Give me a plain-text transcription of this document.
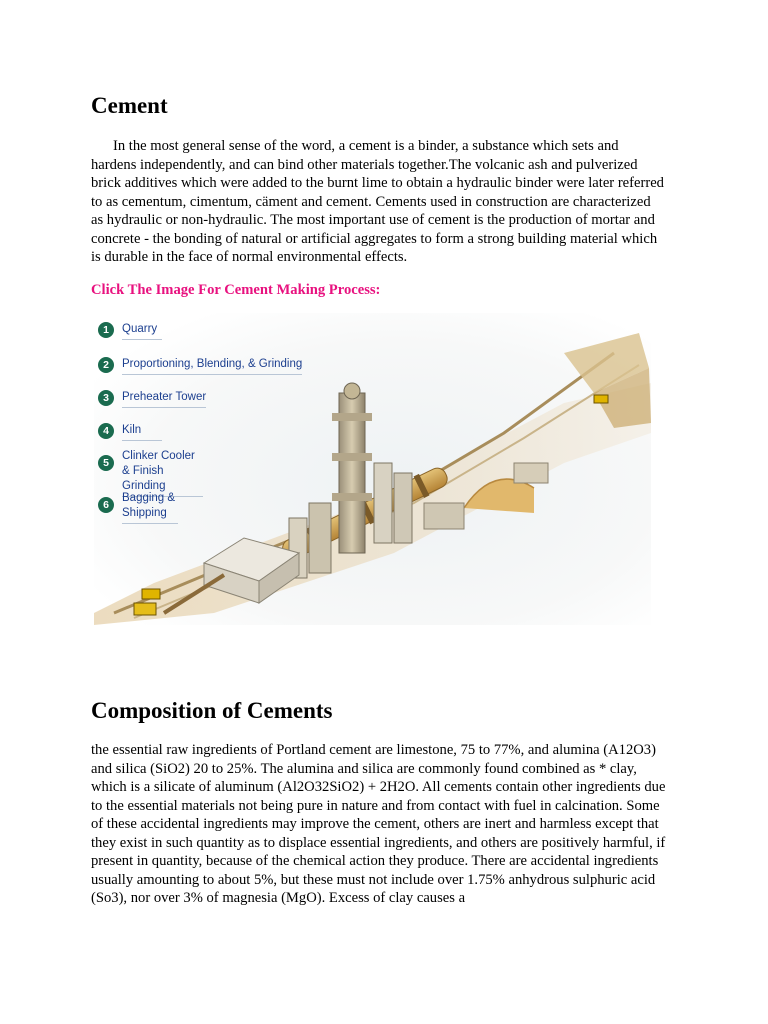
Cement

In the most general sense of the word, a cement is a binder, a substance which sets and hardens independently, and can bind other materials together.The volcanic ash and pulverized brick additives which were added to the burnt lime to obtain a hydraulic binder were later referred to as cementum, cimentum, cäment and cement. Cements used in construction are characterized as hydraulic or non-hydraulic. The most important use of cement is the production of mortar and concrete - the bonding of natural or artificial aggregates to form a strong building material which is durable in the face of normal environmental effects.

Click The Image For Cement Making Process:
1	Quarry
2	Proportioning, Blending, & Grinding
3	Preheater Tower
4	Kiln
5
Clinker Cooler & Finish Grinding
6
Bagging & Shipping
Composition of Cements

the essential raw ingredients of Portland cement are limestone, 75 to 77%, and alumina (A12O3) and silica (SiO2) 20 to 25%. The alumina and silica are commonly found combined as * clay, which is a silicate of aluminum (Al2O32SiO2) + 2H2O. All cements contain other ingredients due to the essential materials not being pure in nature and from contact with fuel in calcination. Some of these accidental ingredients may improve the cement, others are inert and harmless except that they exist in such quantity as to displace essential ingredients, and others are positively harmful, if present in quantity, because of the chemical action they produce. There are accidental ingredients usually amounting to about 5%, but these must not include over 1.75% anhydrous sulphuric acid (So3), nor over 3% of magnesia (MgO). Excess of clay causes a
